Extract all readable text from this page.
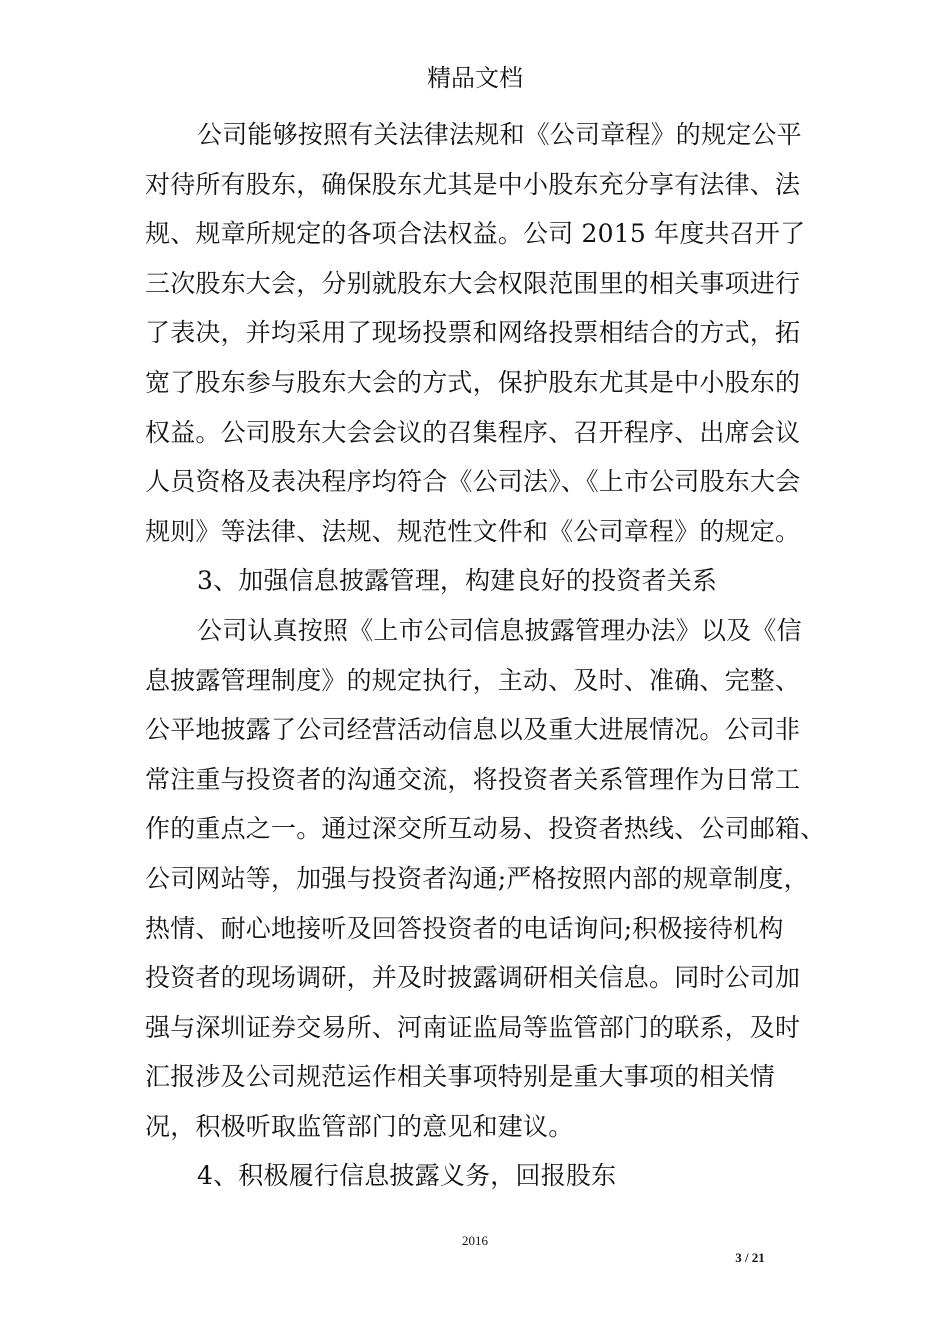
精品文档
公司能够按照有关法律法规和《公司章程》的规定公平
对待所有股东，确保股东尤其是中小股东充分享有法律、法
规、规章所规定的各项合法权益。公司 2015 年度共召开了
三次股东大会，分别就股东大会权限范围里的相关事项进行
了表决，并均采用了现场投票和网络投票相结合的方式，拓
宽了股东参与股东大会的方式，保护股东尤其是中小股东的
权益。公司股东大会会议的召集程序、召开程序、出席会议
人员资格及表决程序均符合《公司法》、《上市公司股东大会
规则》等法律、法规、规范性文件和《公司章程》的规定。
3、加强信息披露管理，构建良好的投资者关系
公司认真按照《上市公司信息披露管理办法》以及《信
息披露管理制度》的规定执行，主动、及时、准确、完整、
公平地披露了公司经营活动信息以及重大进展情况。公司非
常注重与投资者的沟通交流，将投资者关系管理作为日常工
作的重点之一。通过深交所互动易、投资者热线、公司邮箱、
公司网站等，加强与投资者沟通;严格按照内部的规章制度，
热情、耐心地接听及回答投资者的电话询问;积极接待机构
投资者的现场调研，并及时披露调研相关信息。同时公司加
强与深圳证券交易所、河南证监局等监管部门的联系，及时
汇报涉及公司规范运作相关事项特别是重大事项的相关情
况，积极听取监管部门的意见和建议。
4、积极履行信息披露义务，回报股东
2016
3 / 21
